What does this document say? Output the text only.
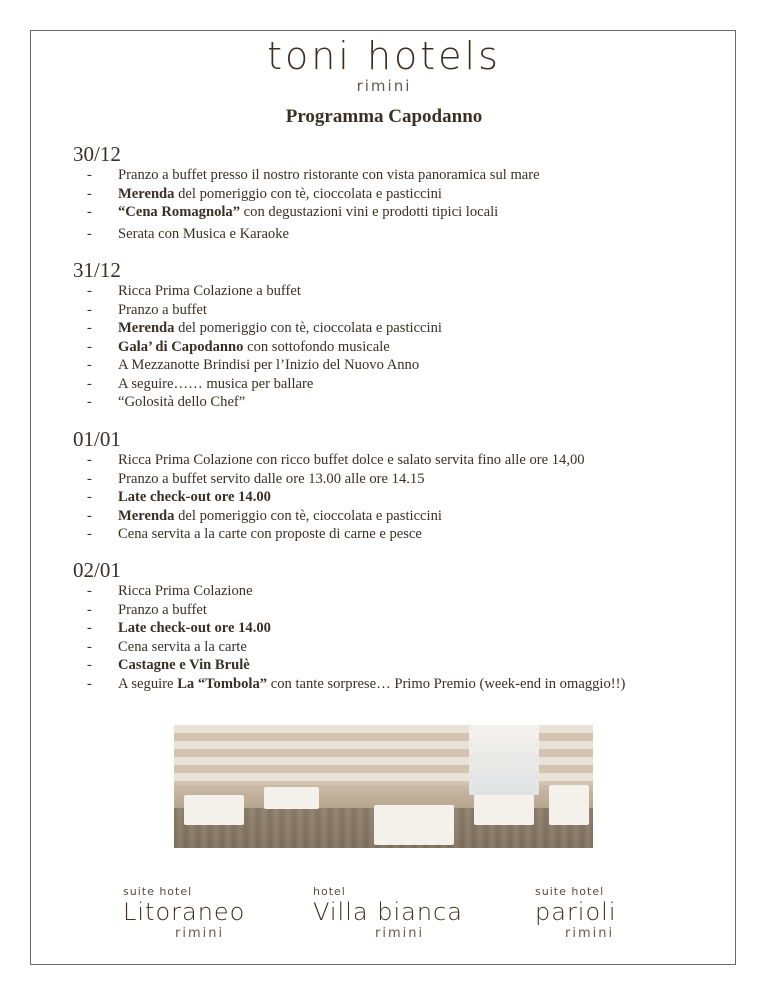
toni hotels
rimini
Programma Capodanno
30/12
- Pranzo a buffet presso il nostro ristorante con vista panoramica sul mare
- Merenda del pomeriggio con tè, cioccolata e pasticcini
- “Cena Romagnola” con degustazioni vini e prodotti tipici locali
- Serata con Musica e Karaoke
31/12
- Ricca Prima Colazione a buffet
- Pranzo a buffet
- Merenda del pomeriggio con tè, cioccolata e pasticcini
- Gala’ di Capodanno con sottofondo musicale
- A Mezzanotte Brindisi per l’Inizio del Nuovo Anno
- A seguire…… musica per ballare
- “Golosità dello Chef”
01/01
- Ricca Prima Colazione con ricco buffet dolce e salato servita fino alle ore 14,00
- Pranzo a buffet servito dalle ore 13.00 alle ore 14.15
- Late check-out ore 14.00
- Merenda del pomeriggio con tè, cioccolata e pasticcini
- Cena servita a la carte con proposte di carne e pesce
02/01
- Ricca Prima Colazione
- Pranzo a buffet
- Late check-out ore 14.00
- Cena servita a la carte
- Castagne e Vin Brulè
- A seguire La “Tombola” con tante sorprese… Primo Premio (week-end in omaggio!!)
suite hotel
Litoraneo
rimini
hotel
Villa bianca
rimini
suite hotel
parioli
rimini
